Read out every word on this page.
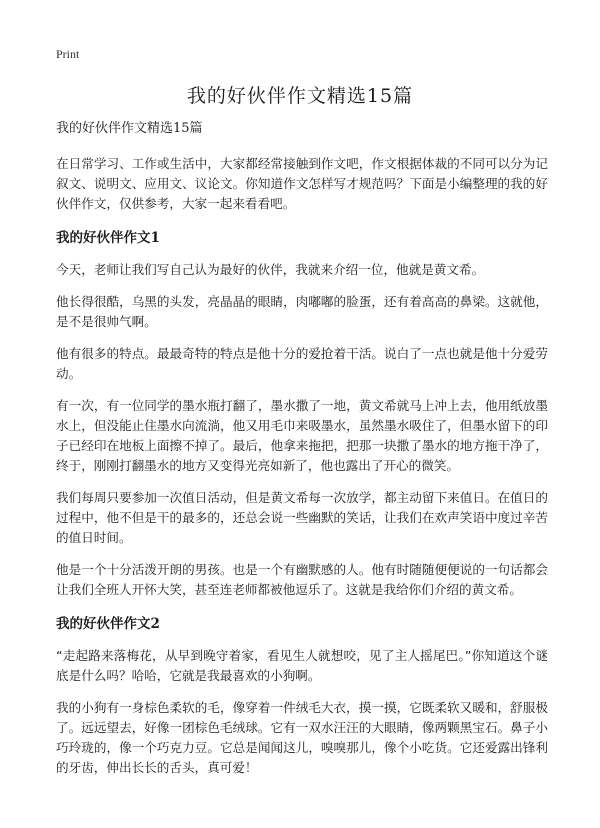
Print
我的好伙伴作文精选15篇

我的好伙伴作文精选15篇

在日常学习、工作或生活中，大家都经常接触到作文吧，作文根据体裁的不同可以分为记叙文、说明文、应用文、议论文。你知道作文怎样写才规范吗？下面是小编整理的我的好伙伴作文，仅供参考，大家一起来看看吧。

我的好伙伴作文1

今天，老师让我们写自己认为最好的伙伴，我就来介绍一位，他就是黄文希。

他长得很酷，乌黑的头发，亮晶晶的眼睛，肉嘟嘟的脸蛋，还有着高高的鼻梁。这就他，是不是很帅气啊。

他有很多的特点。最最奇特的特点是他十分的爱抢着干活。说白了一点也就是他十分爱劳动。

有一次，有一位同学的墨水瓶打翻了，墨水撒了一地，黄文希就马上冲上去，他用纸放墨水上，但没能止住墨水向流淌，他又用毛巾来吸墨水，虽然墨水吸住了，但墨水留下的印子已经印在地板上面擦不掉了。最后，他拿来拖把，把那一块撒了墨水的地方拖干净了，终于，刚刚打翻墨水的地方又变得光亮如新了，他也露出了开心的微笑。

我们每周只要参加一次值日活动，但是黄文希每一次放学，都主动留下来值日。在值日的过程中，他不但是干的最多的，还总会说一些幽默的笑话，让我们在欢声笑语中度过辛苦的值日时间。

他是一个十分活泼开朗的男孩。也是一个有幽默感的人。他有时随随便便说的一句话都会让我们全班人开怀大笑，甚至连老师都被他逗乐了。这就是我给你们介绍的黄文希。

我的好伙伴作文2

“走起路来落梅花，从早到晚守着家，看见生人就想咬，见了主人摇尾巴。”你知道这个谜底是什么吗？哈哈，它就是我最喜欢的小狗啊。

我的小狗有一身棕色柔软的毛，像穿着一件绒毛大衣，摸一摸，它既柔软又暖和，舒服极了。远远望去，好像一团棕色毛绒球。它有一双水汪汪的大眼睛，像两颗黑宝石。鼻子小巧玲珑的，像一个巧克力豆。它总是闻闻这儿，嗅嗅那儿，像个小吃货。它还爱露出锋利的牙齿，伸出长长的舌头，真可爱！
